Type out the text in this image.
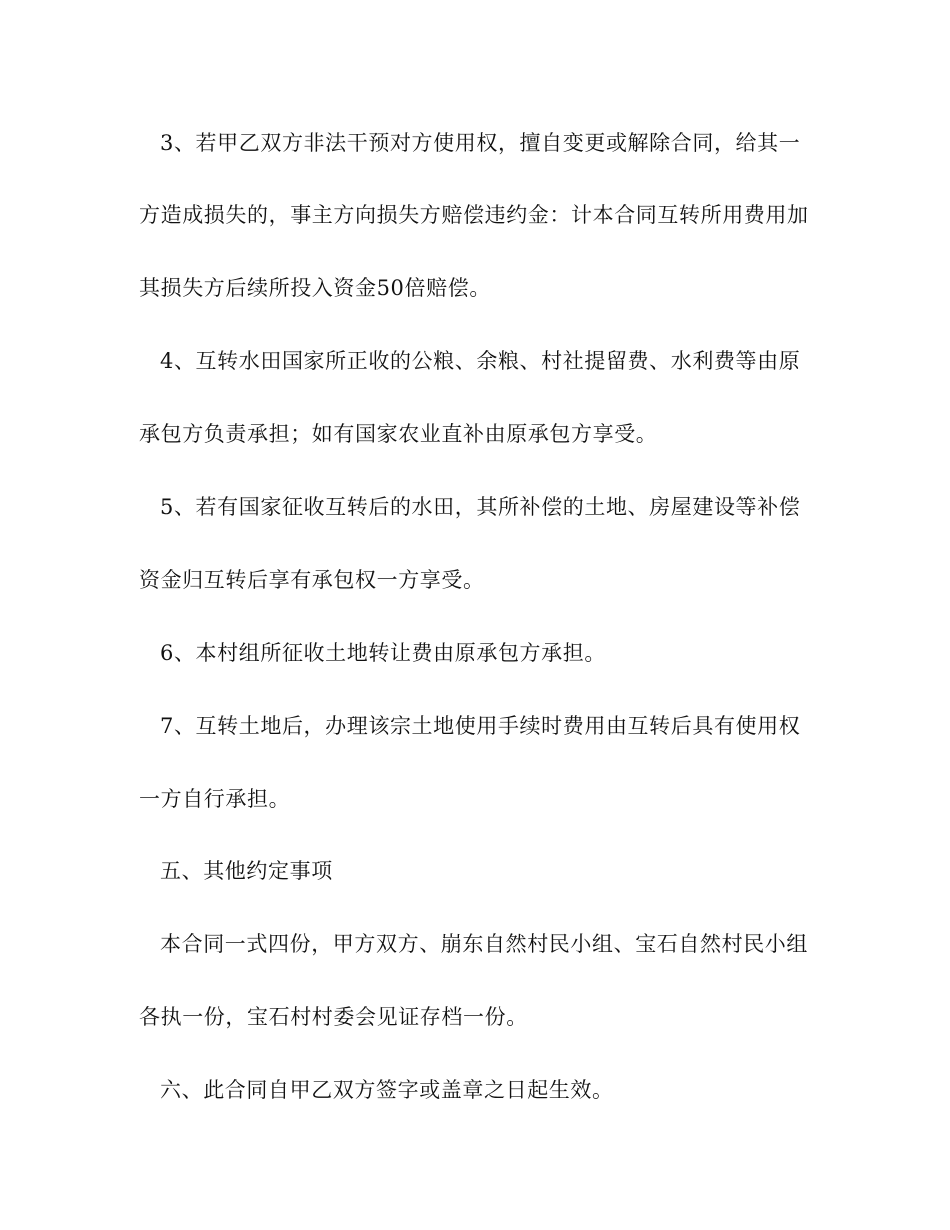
3、若甲乙双方非法干预对方使用权，擅自变更或解除合同，给其一

方造成损失的，事主方向损失方赔偿违约金：计本合同互转所用费用加

其损失方后续所投入资金50倍赔偿。

4、互转水田国家所正收的公粮、余粮、村社提留费、水利费等由原

承包方负责承担；如有国家农业直补由原承包方享受。

5、若有国家征收互转后的水田，其所补偿的土地、房屋建设等补偿

资金归互转后享有承包权一方享受。

6、本村组所征收土地转让费由原承包方承担。

7、互转土地后，办理该宗土地使用手续时费用由互转后具有使用权

一方自行承担。

五、其他约定事项

本合同一式四份，甲方双方、崩东自然村民小组、宝石自然村民小组

各执一份，宝石村村委会见证存档一份。

六、此合同自甲乙双方签字或盖章之日起生效。
